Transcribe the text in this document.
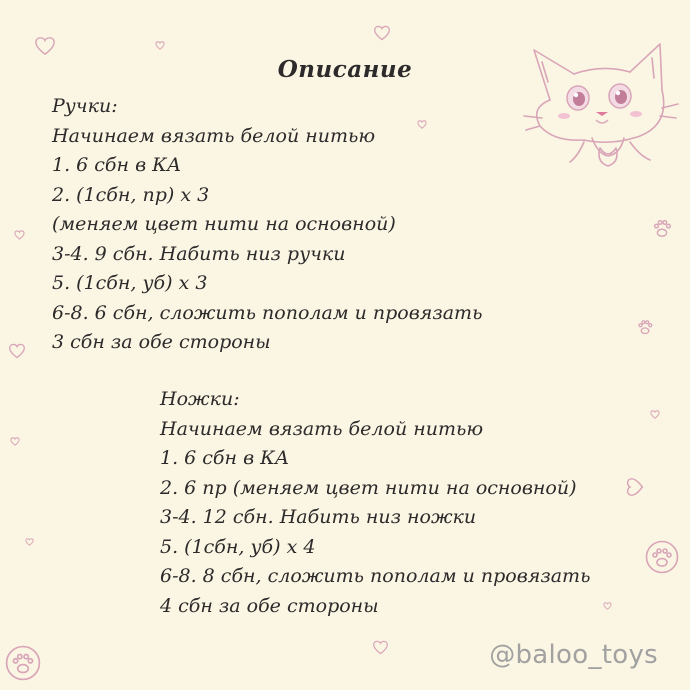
Описание
Ручки:
Начинаем вязать белой нитью
1. 6 сбн в КА
2. (1сбн, пр) х 3
(меняем цвет нити на основной)
3-4. 9 сбн. Набить низ ручки
5. (1сбн, уб) х 3
6-8. 6 сбн, сложить пополам и провязать
3 сбн за обе стороны
Ножки:
Начинаем вязать белой нитью
1. 6 сбн в КА
2. 6 пр (меняем цвет нити на основной)
3-4. 12 сбн. Набить низ ножки
5. (1сбн, уб) х 4
6-8. 8 сбн, сложить пополам и провязать
4 сбн за обе стороны
@baloo_toys
